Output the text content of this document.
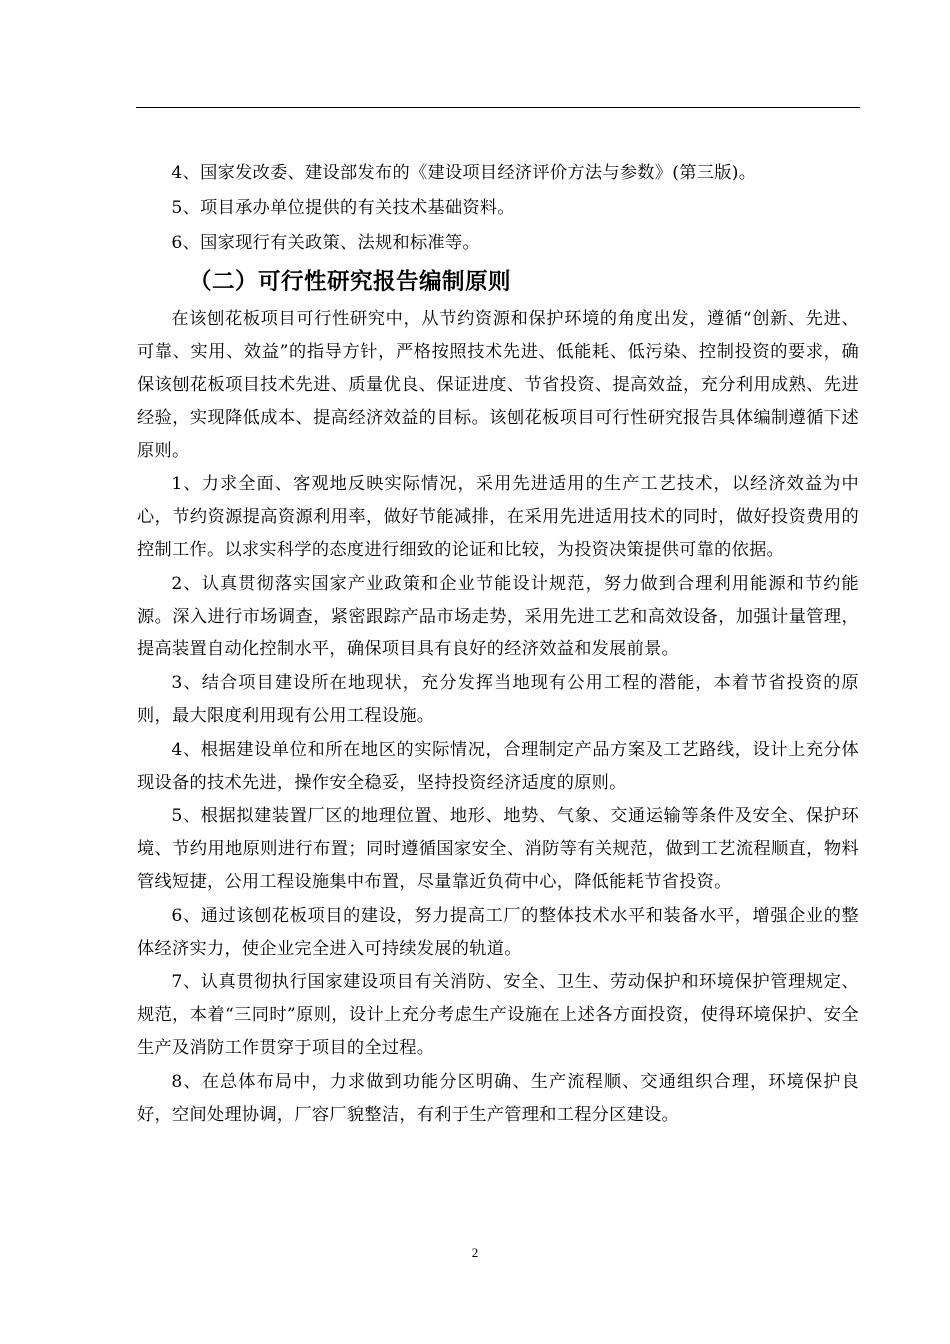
4、国家发改委、建设部发布的《建设项目经济评价方法与参数》(第三版)。

5、项目承办单位提供的有关技术基础资料。

6、国家现行有关政策、法规和标准等。

（二）可行性研究报告编制原则

在该刨花板项目可行性研究中，从节约资源和保护环境的角度出发，遵循“创新、先进、可靠、实用、效益”的指导方针，严格按照技术先进、低能耗、低污染、控制投资的要求，确保该刨花板项目技术先进、质量优良、保证进度、节省投资、提高效益，充分利用成熟、先进经验，实现降低成本、提高经济效益的目标。该刨花板项目可行性研究报告具体编制遵循下述原则。

1、力求全面、客观地反映实际情况，采用先进适用的生产工艺技术，以经济效益为中心，节约资源提高资源利用率，做好节能减排，在采用先进适用技术的同时，做好投资费用的控制工作。以求实科学的态度进行细致的论证和比较，为投资决策提供可靠的依据。

2、认真贯彻落实国家产业政策和企业节能设计规范，努力做到合理利用能源和节约能源。深入进行市场调查，紧密跟踪产品市场走势，采用先进工艺和高效设备，加强计量管理，提高装置自动化控制水平，确保项目具有良好的经济效益和发展前景。

3、结合项目建设所在地现状，充分发挥当地现有公用工程的潜能，本着节省投资的原则，最大限度利用现有公用工程设施。

4、根据建设单位和所在地区的实际情况，合理制定产品方案及工艺路线，设计上充分体现设备的技术先进，操作安全稳妥，坚持投资经济适度的原则。

5、根据拟建装置厂区的地理位置、地形、地势、气象、交通运输等条件及安全、保护环境、节约用地原则进行布置；同时遵循国家安全、消防等有关规范，做到工艺流程顺直，物料管线短捷，公用工程设施集中布置，尽量靠近负荷中心，降低能耗节省投资。

6、通过该刨花板项目的建设，努力提高工厂的整体技术水平和装备水平，增强企业的整体经济实力，使企业完全进入可持续发展的轨道。

7、认真贯彻执行国家建设项目有关消防、安全、卫生、劳动保护和环境保护管理规定、规范，本着“三同时”原则，设计上充分考虑生产设施在上述各方面投资，使得环境保护、安全生产及消防工作贯穿于项目的全过程。

8、在总体布局中，力求做到功能分区明确、生产流程顺、交通组织合理，环境保护良好，空间处理协调，厂容厂貌整洁，有利于生产管理和工程分区建设。

2
